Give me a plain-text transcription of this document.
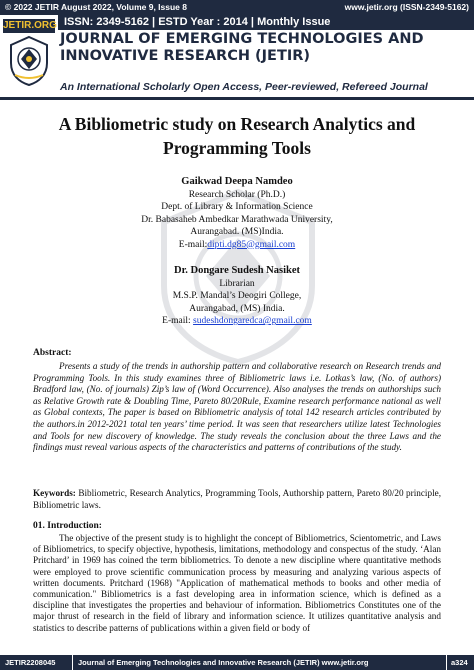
© 2022 JETIR August 2022, Volume 9, Issue 8	www.jetir.org (ISSN-2349-5162)
JETIR.ORG ISSN: 2349-5162 | ESTD Year : 2014 | Monthly Issue
JOURNAL OF EMERGING TECHNOLOGIES AND
INNOVATIVE RESEARCH (JETIR)
An International Scholarly Open Access, Peer-reviewed, Refereed Journal
A Bibliometric study on Research Analytics and
Programming Tools
Gaikwad Deepa Namdeo
Research Scholar (Ph.D.)
Dept. of Library & Information Science
Dr. Babasaheb Ambedkar Marathwada University,
Aurangabad. (MS)India.
E-mail:dipti.dg85@gmail.com
Dr. Dongare Sudesh Nasiket
Librarian
M.S.P. Mandal’s Deogiri College,
Aurangabad, (MS) India.
E-mail: sudeshdongaredca@gmail.com
Abstract:
Presents a study of the trends in authorship pattern and collaborative research on Research trends and Programming Tools. In this study examines three of Bibliometric laws i.e. Lotkas’s law, (No. of authors) Bradford law, (No. of journals) Zip’s law of (Word Occurrence). Also analyses the trends on authorships such as Relative Growth rate & Doubling Time, Pareto 80/20Rule, Examine research performance national as well as Global contexts, The paper is based on Bibliometric analysis of total 142 research articles contributed by the authors.in 2012-2021 total ten years’ time period. It was seen that researchers utilize latest Technologies and Tools for new discovery of knowledge. The study reveals the conclusion about the three Laws and the findings must reveal various aspects of the characteristics and patterns of contributions of the study.
Keywords: Bibliometric, Research Analytics, Programming Tools, Authorship pattern, Pareto 80/20 principle, Bibliometric laws.
01. Introduction:
The objective of the present study is to highlight the concept of Bibliometrics, Scientometric, and Laws of Bibliometrics, to specify objective, hypothesis, limitations, methodology and conspectus of the study. ‘Alan Pritchard’ in 1969 has coined the term bibliometrics. To denote a new discipline where quantitative methods were employed to prove scientific communication process by measuring and analyzing various aspects of written documents. Pritchard (1968) "Application of mathematical methods to books and other media of communication." Bibliometrics is a fast developing area in information science, which is defined as a discipline that investigates the properties and behaviour of information. Bibliometrics Constitutes one of the major thrust of research in the field of library and information science. It utilizes quantitative analysis and statistics to describe patterns of publications within a given field or body of
JETIR2208045	Journal of Emerging Technologies and Innovative Research (JETIR) www.jetir.org	a324
